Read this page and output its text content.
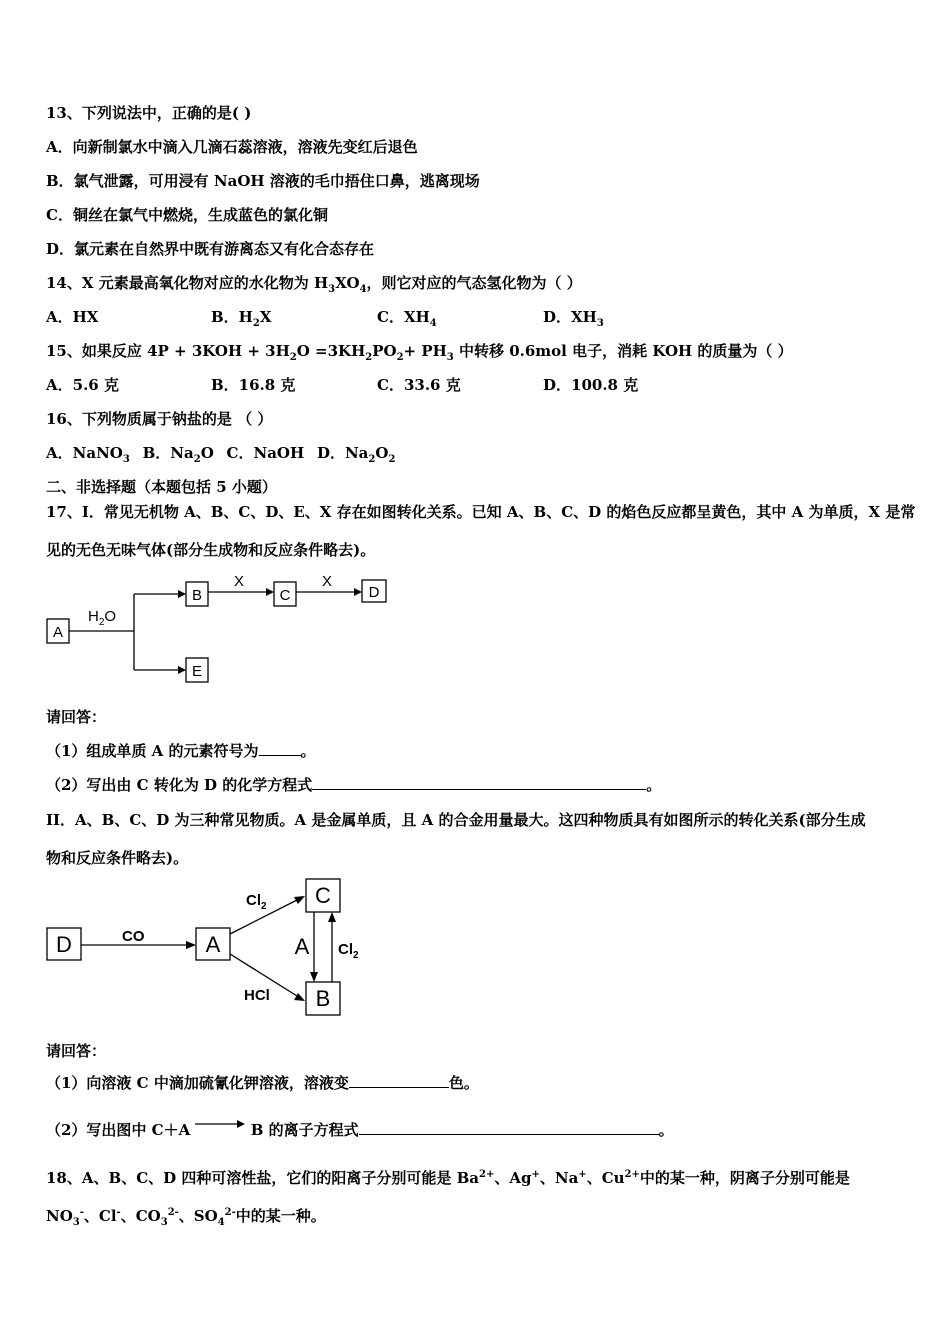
13、下列说法中，正确的是( )
A．向新制氯水中滴入几滴石蕊溶液，溶液先变红后退色
B．氯气泄露，可用浸有 NaOH 溶液的毛巾捂住口鼻，逃离现场
C．铜丝在氯气中燃烧，生成蓝色的氯化铜
D．氯元素在自然界中既有游离态又有化合态存在
14、X 元素最高氧化物对应的水化物为 $H_3XO_4$，则它对应的气态氢化物为（ ）
A．HX	B．$H_2X$	C．$XH_4$	D．$XH_3$
15、如果反应 $4P + 3KOH + 3H_2O =3KH_2PO_2+ PH_3$ 中转移 0.6mol 电子，消耗 KOH 的质量为（ ）
A．5.6 克	B．16.8 克	C．33.6 克	D．100.8 克
16、下列物质属于钠盐的是 （ ）
A．NaNO$_3$ B．$Na_2O$ C．NaOH D．$Na_2O_2$
二、非选择题（本题包括 5 小题）
17、I．常见无机物 A、B、C、D、E、X 存在如图转化关系。已知 A、B、C、D 的焰色反应都呈黄色，其中 A 为单质，X 是常
见的无色无味气体(部分生成物和反应条件略去)。
A
B	C	D
E
X	X
$H_2O$
请回答：
（1）组成单质 A 的元素符号为	。
（2）写出由 C 转化为 D 的化学方程式	。
II．A、B、C、D 为三种常见物质。A 是金属单质，且 A 的合金用量最大。这四种物质具有如图所示的转化关系(部分生成
物和反应条件略去)。
D	A
C
B
A
CO
$Cl_2$
HCl
$Cl_2$
请回答：
（1）向溶液 C 中滴加硫氰化钾溶液，溶液变	色。
（2）写出图中 C＋A → B 的离子方程式	。
18、A、B、C、D 四种可溶性盐，它们的阳离子分别可能是 $Ba^{2+}$、Ag+、Na+、$Cu^{2+}$中的某一种，阴离子分别可能是
$NO_3^-$、Cl-、$CO_3^{2-}$、$SO_4^{2-}$中的某一种。
